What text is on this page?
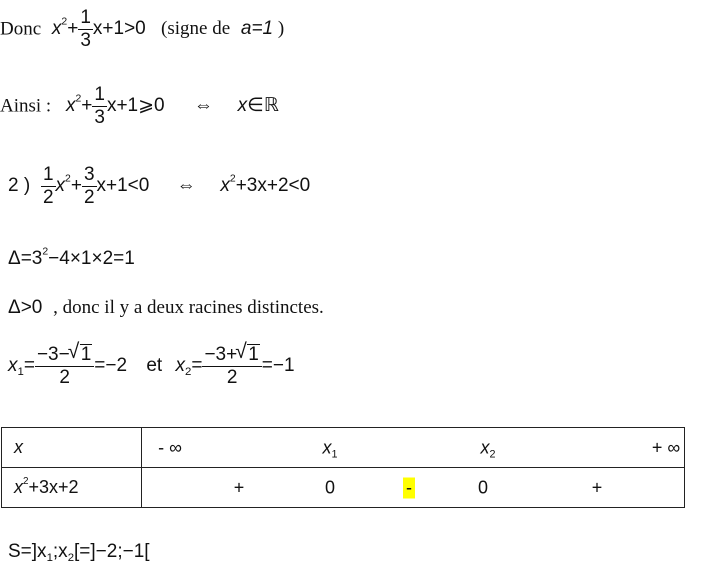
Donc $x^2+ \frac{1}{3} x+1>0$ (signe de a=1 )
Ainsi : $x^2+ \frac{1}{3}$ x+1⩾0 ⇔ x∈ℝ
2 ) $\frac{1}{2} x^2+ \frac{3}{2} x+1<0$ ⇔ $x^2+3x+2<0$
$\Delta=3^2-4\times 1\times 2=1$
Δ>0 , donc il y a deux racines distinctes.
$x_1= \frac{-3- √ 1}{2} =-2$ et $x_2= \frac{-3+ √ 1}{2} =-1$
x	- ∞ $x_1$ $x_2$ + ∞

$x^2+3x+2$	+ 0 - 0 +
$S=]x_1;x_2[=]-2;-1$[
